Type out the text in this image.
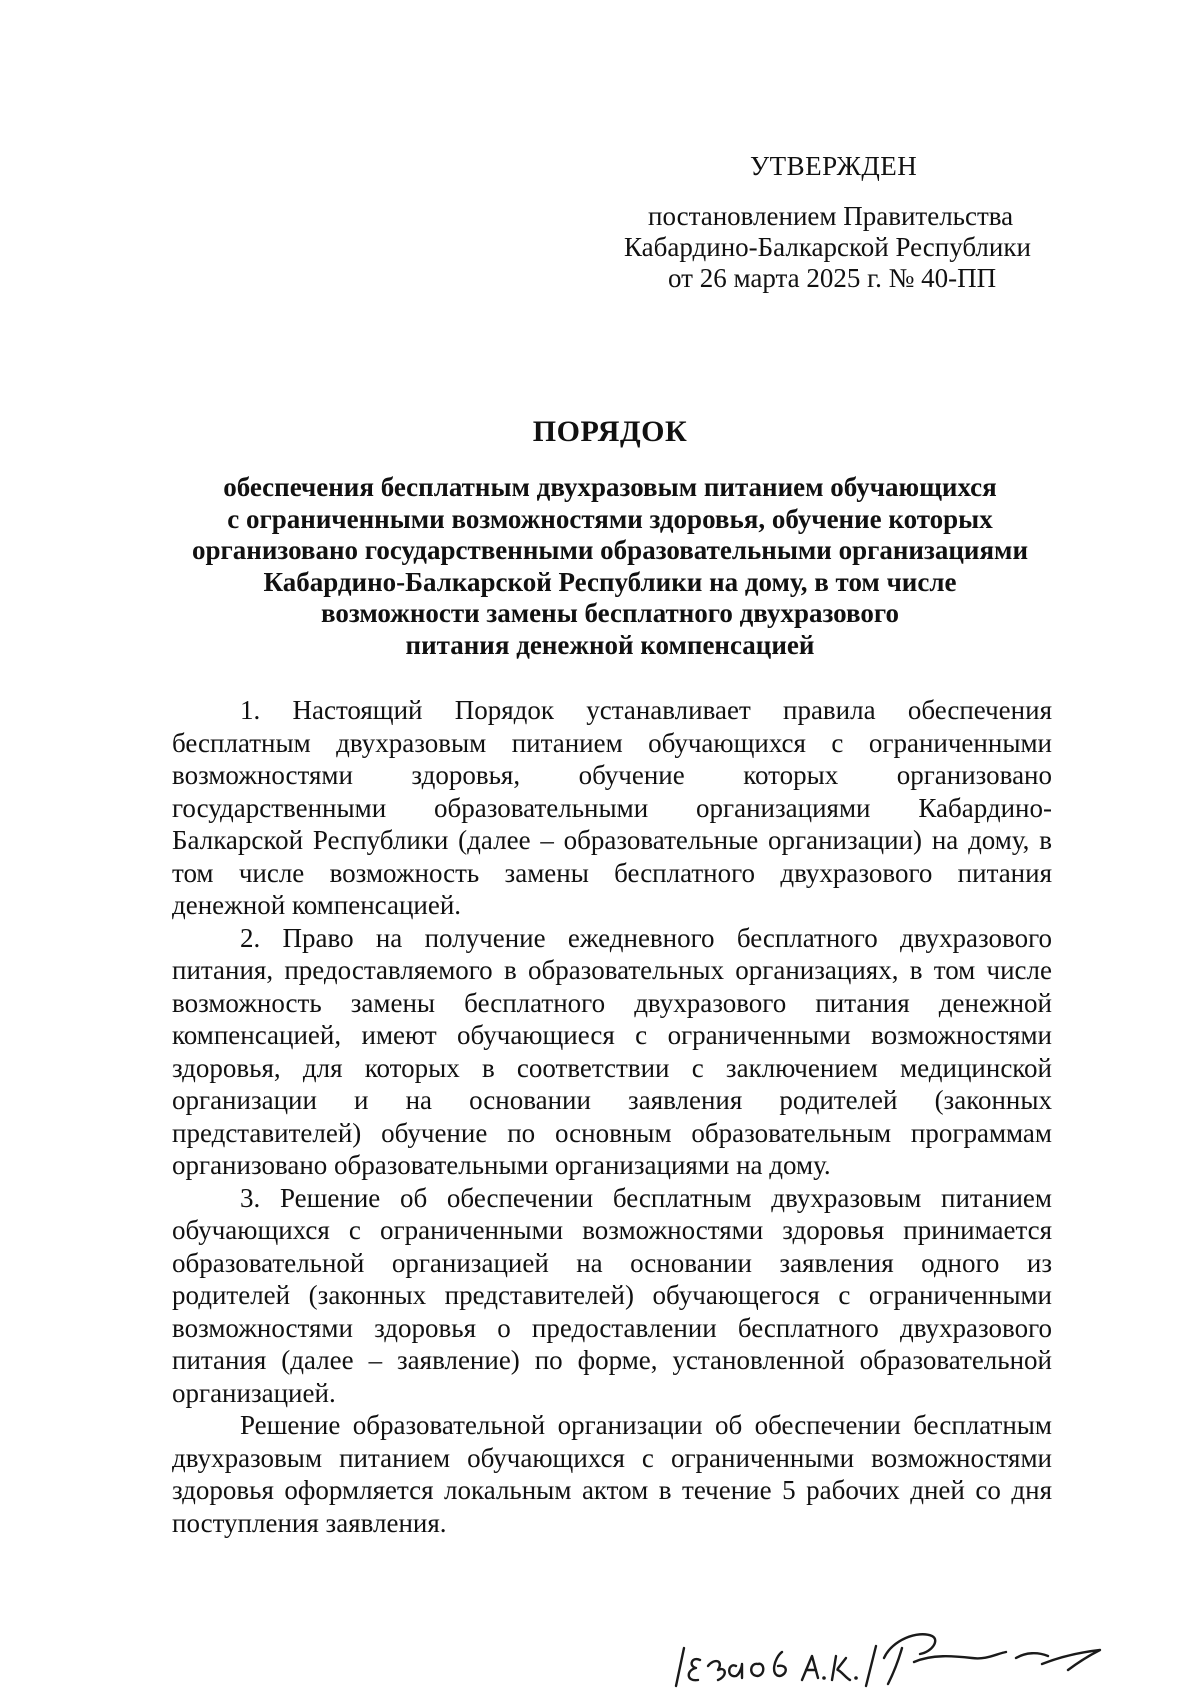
УТВЕРЖДЕН
постановлением Правительства
Кабардино-Балкарской Республики
от 26 марта 2025 г. № 40-ПП
ПОРЯДОК
обеспечения бесплатным двухразовым питанием обучающихся
с ограниченными возможностями здоровья, обучение которых
организовано государственными образовательными организациями
Кабардино-Балкарской Республики на дому, в том числе
возможности замены бесплатного двухразового
питания денежной компенсацией

1. Настоящий Порядок устанавливает правила обеспечения бесплатным двухразовым питанием обучающихся с ограниченными возможностями здоровья, обучение которых организовано государственными образовательными организациями Кабардино-Балкарской Республики (далее – образовательные организации) на дому, в том числе возможность замены бесплатного двухразового питания денежной компенсацией.

2. Право на получение ежедневного бесплатного двухразового питания, предоставляемого в образовательных организациях, в том числе возможность замены бесплатного двухразового питания денежной компенсацией, имеют обучающиеся с ограниченными возможностями здоровья, для которых в соответствии с заключением медицинской организации и на основании заявления родителей (законных представителей) обучение по основным образовательным программам организовано образовательными организациями на дому.

3. Решение об обеспечении бесплатным двухразовым питанием обучающихся с ограниченными возможностями здоровья принимается образовательной организацией на основании заявления одного из родителей (законных представителей) обучающегося с ограниченными возможностями здоровья о предоставлении бесплатного двухразового питания (далее – заявление) по форме, установленной образовательной организацией.

Решение образовательной организации об обеспечении бесплатным двухразовым питанием обучающихся с ограниченными возможностями здоровья оформляется локальным актом в течение 5 рабочих дней со дня поступления заявления.
